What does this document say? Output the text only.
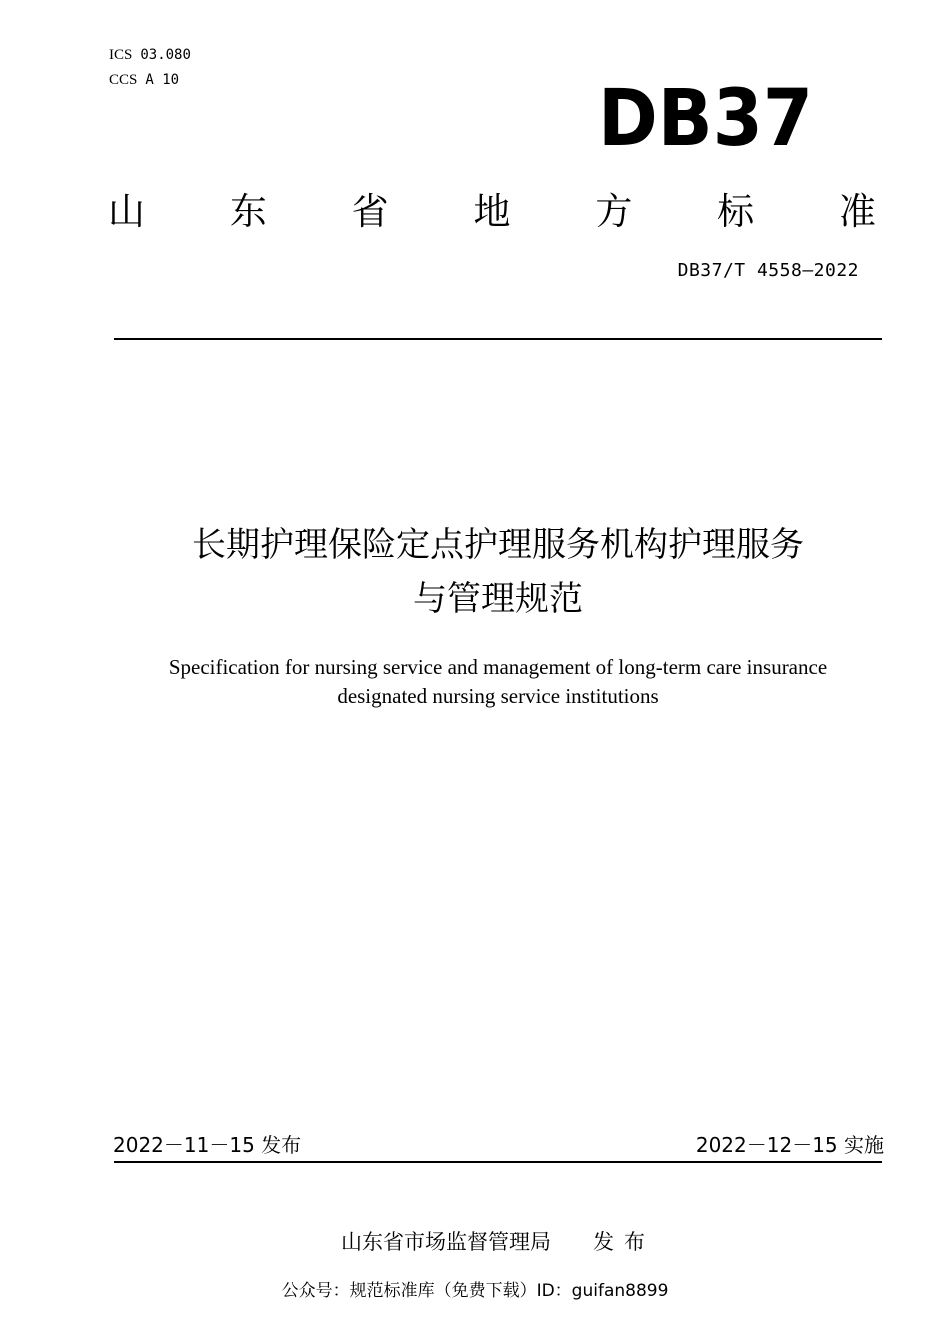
ICS 03.080
CCS A 10	DB37
山 东 省 地 方 标 准
DB37/T 4558—2022
长期护理保险定点护理服务机构护理服务
与管理规范
Specification for nursing service and management of long-term care insurance
designated nursing service institutions
2022－11－15 发布	2022－12－15 实施
山东省市场监督管理局 发布
公众号：规范标准库（免费下载）ID：guifan8899
